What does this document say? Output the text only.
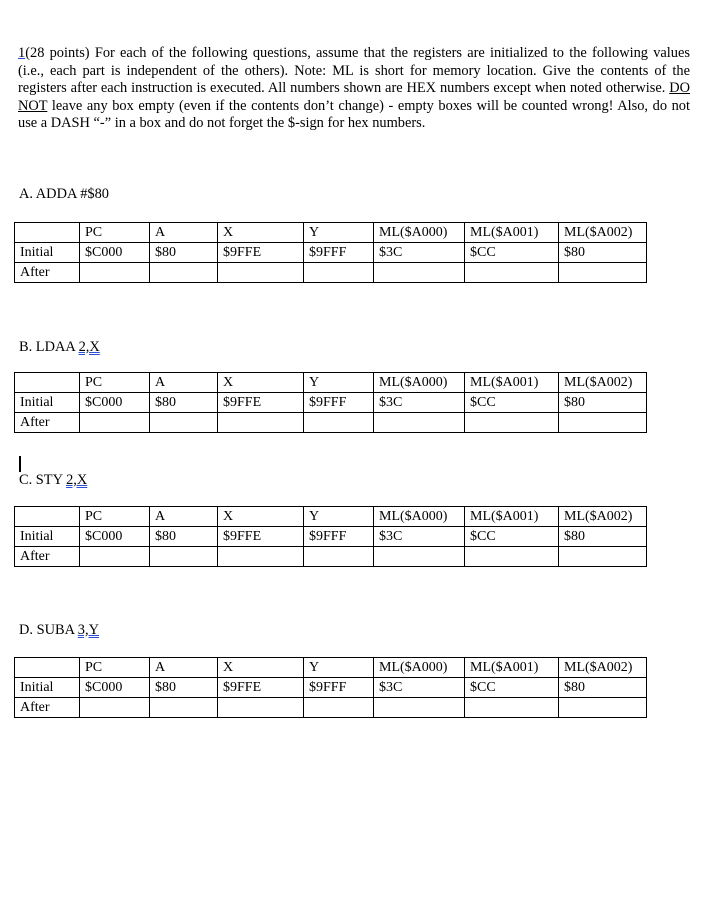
1(28 points) For each of the following questions, assume that the registers are initialized to the following values (i.e., each part is independent of the others). Note: ML is short for memory location. Give the contents of the registers after each instruction is executed. All numbers shown are HEX numbers except when noted otherwise. DO NOT leave any box empty (even if the contents don’t change) - empty boxes will be counted wrong! Also, do not use a DASH “-” in a box and do not forget the $-sign for hex numbers.

A. ADDA #$80
	PC	A	X	Y	ML($A000)	ML($A001)	ML($A002)
Initial	$C000	$80	$9FFE	$9FFF	$3C	$CC	$80
After							
B. LDAA 2,X
	PC	A	X	Y	ML($A000)	ML($A001)	ML($A002)
Initial	$C000	$80	$9FFE	$9FFF	$3C	$CC	$80
After							
C. STY 2,X
	PC	A	X	Y	ML($A000)	ML($A001)	ML($A002)
Initial	$C000	$80	$9FFE	$9FFF	$3C	$CC	$80
After							
D. SUBA 3,Y
	PC	A	X	Y	ML($A000)	ML($A001)	ML($A002)
Initial	$C000	$80	$9FFE	$9FFF	$3C	$CC	$80
After							
